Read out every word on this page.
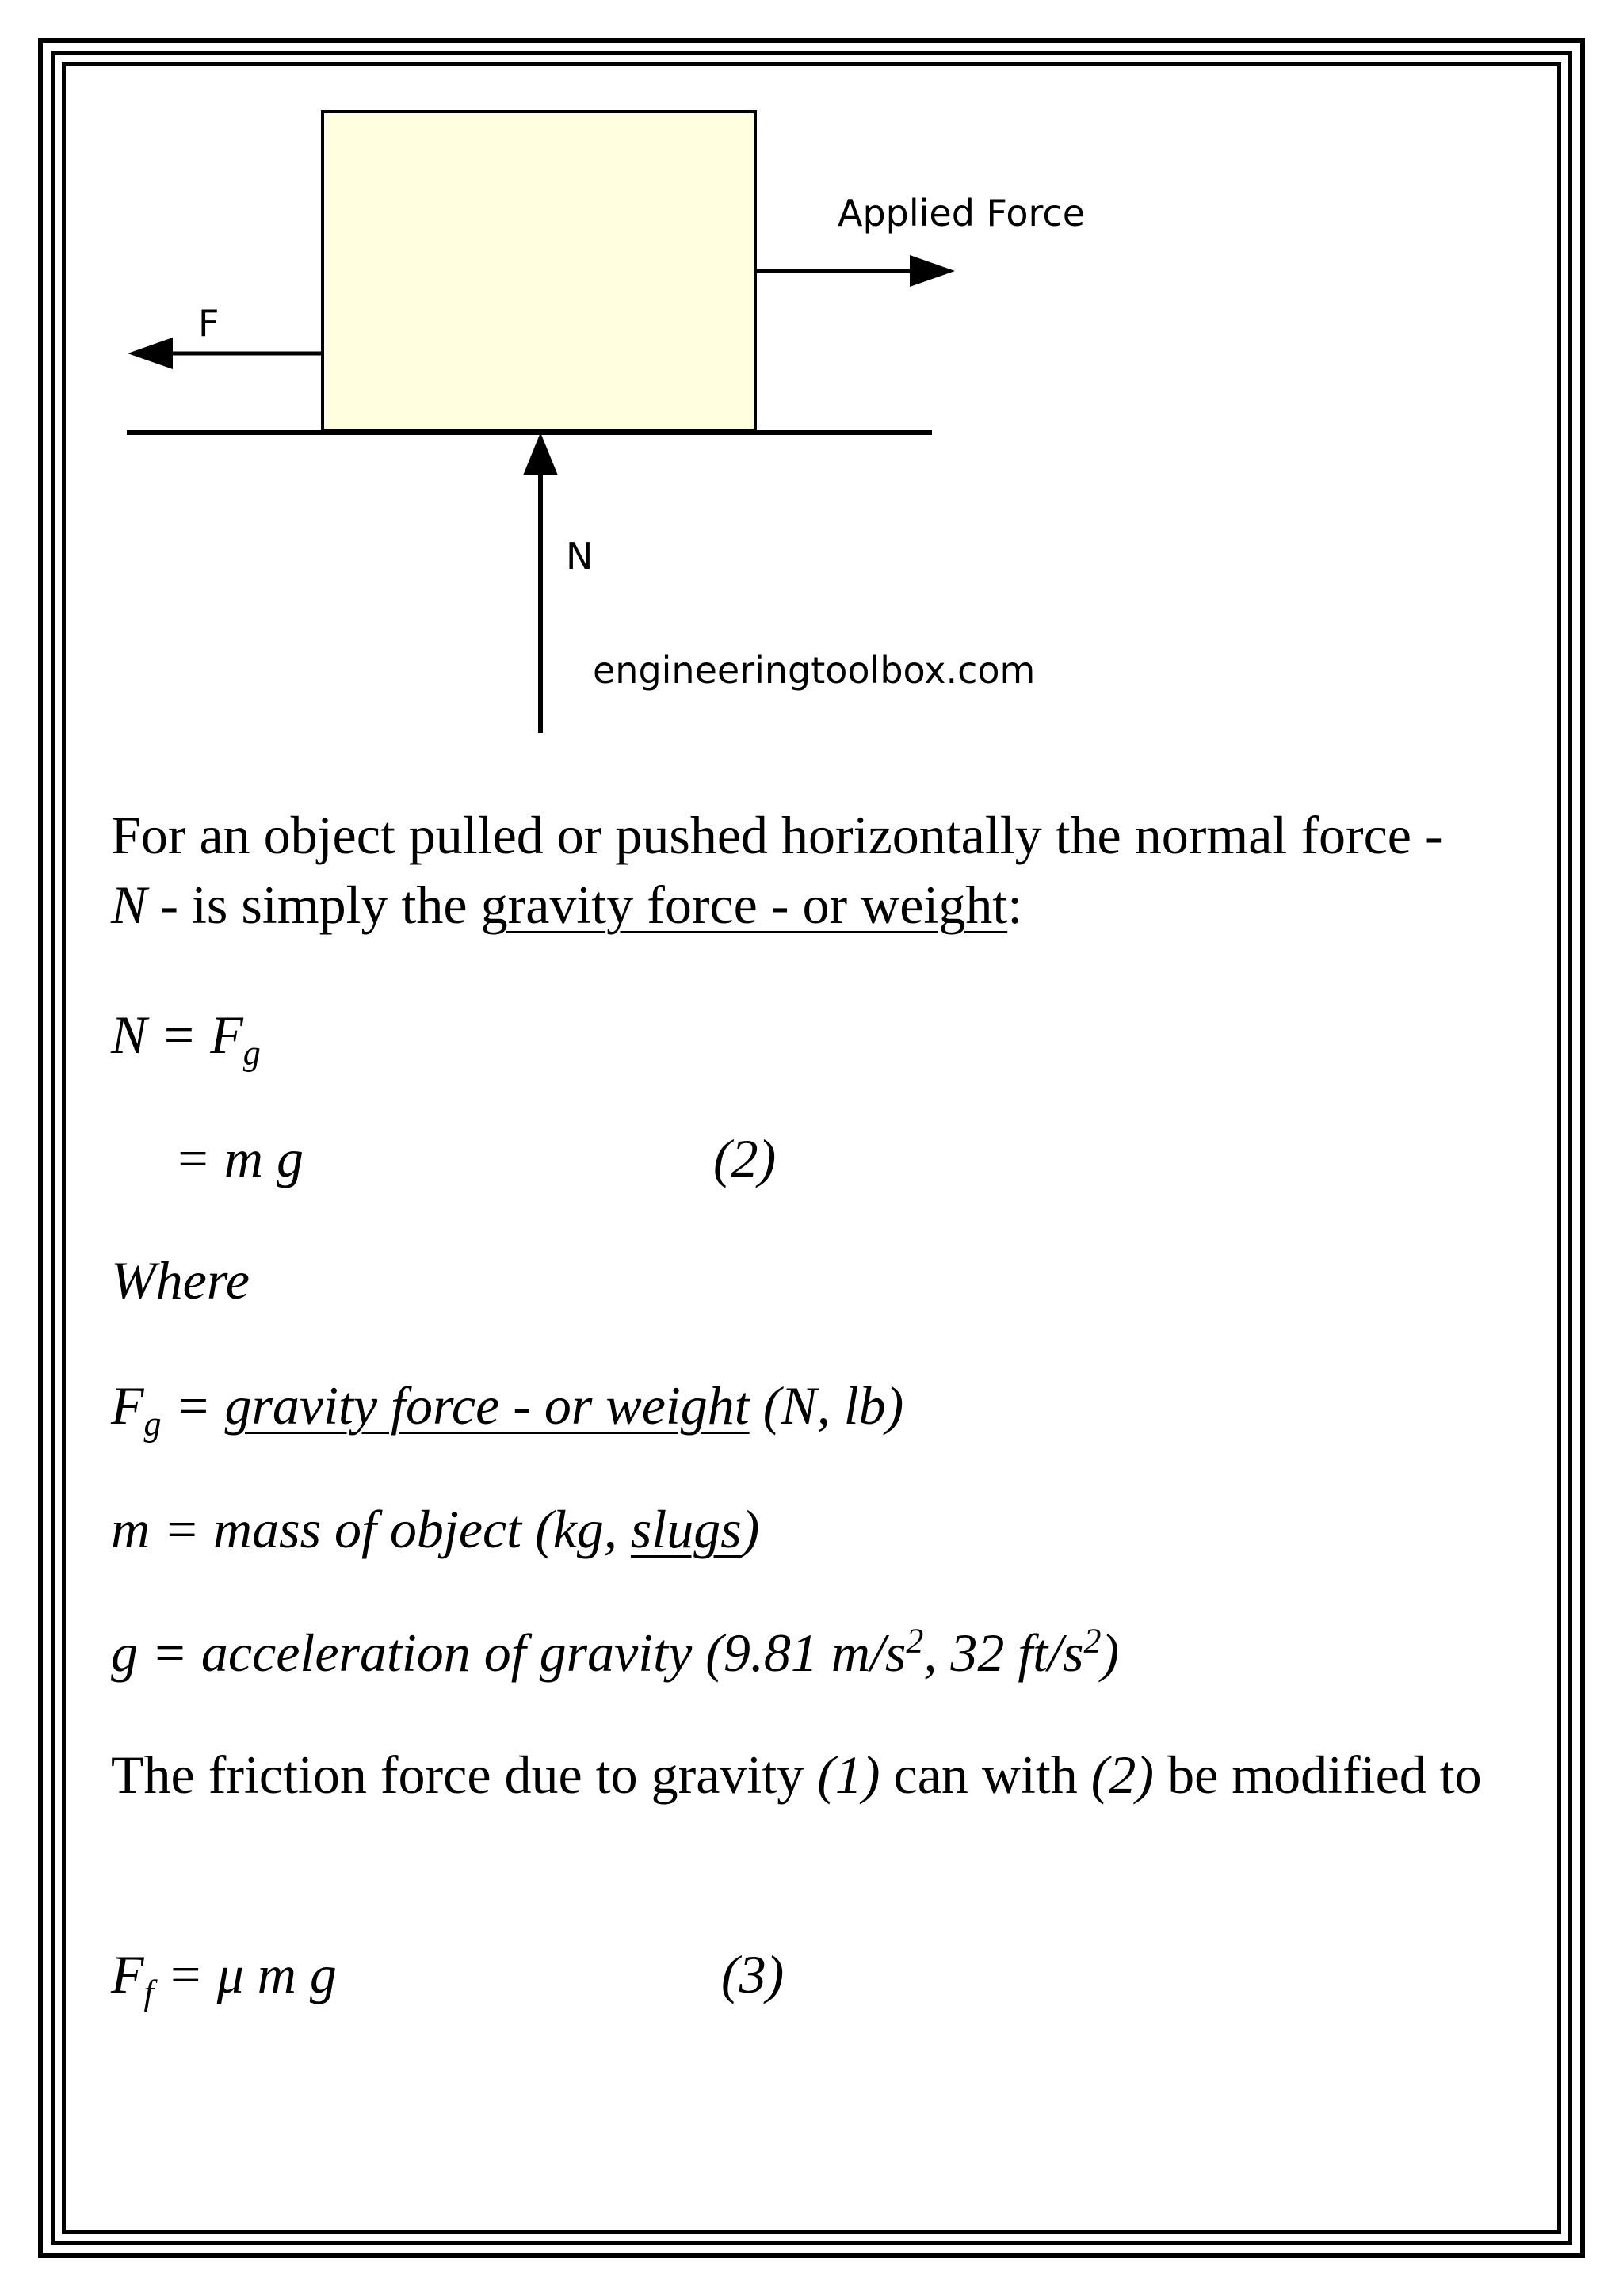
Applied Force
F
N
engineeringtoolbox.com

For an object pulled or pushed horizontally the normal force - N - is simply the gravity force - or weight:

$N = F_g$
= m g	(2)
Where
$F_g$ = gravity force - or weight (N, lb)
m = mass of object (kg, slugs)
g = acceleration of gravity (9.81 $m/s^2$, 32 $ft/s^2$)

The friction force due to gravity (1) can with (2) be modified to

$F_f = \mu$ m g	(3)
